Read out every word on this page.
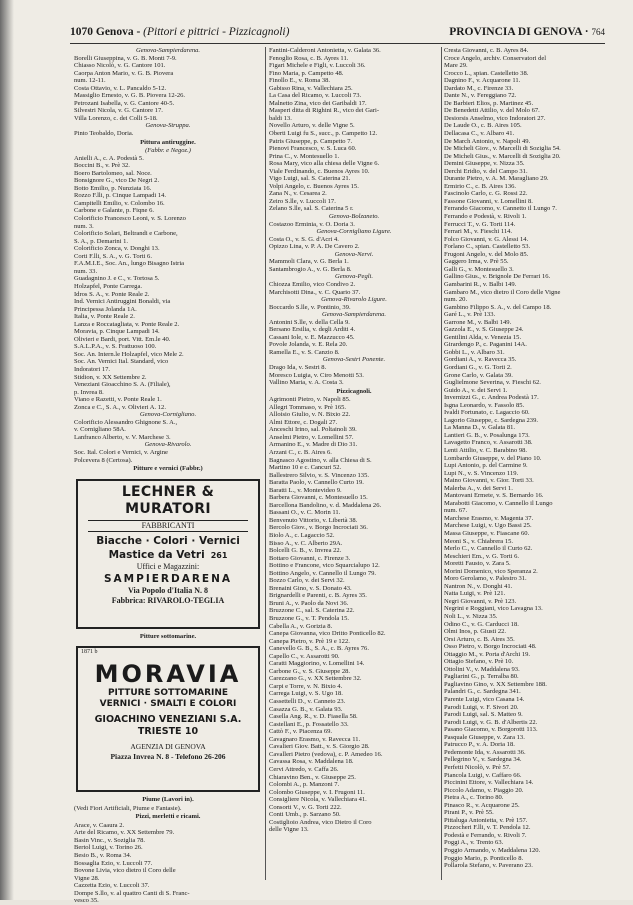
1070 Genova - (Pittori e pittrici - Pizzicagnoli)	PROVINCIA DI GENOVA · 764
Genova-Sampierdarena.
Borelli Giuseppina, v. G. B. Monti 7-9.
Chiasso Nicolò, v. G. Cantore 101.
Caorpa Anton Mario, v. G. B. Piovera
num. 12-11.
Costa Ottavio, v. L. Pancaldo 5-12.
Massiglio Ernesto, v. G. B. Piovera 12-26.
Petrozani Isabella, v. G. Cantore 40-5.
Silvestri Nicola, v. G. Cantore 17.
Villa Lorenzo, c. dei Colli 5-18.
Genova-Struppa.
Pinto Teobaldo, Doria.
Pittura antiruggine.
(Fabbr. e Negoz.)
Anielli A., c. A. Podestà 5.
Boccini B., v. Prè 32.
Boero Bartolomeo, sal. Noce.
Bonsignore G., vico De Negri 2.
Botto Emilio, p. Nunziata 16.
Rozzo F.lli, p. Cinque Lampadi 14.
Campitelli Emilio, v. Colombo 16.
Carbone e Galante, p. Fiqne 6.
Colorificio Francesco Leoni, v. S. Lorenzo
num. 3.
Colorificio Solari, Beltrandi e Carbone,
S. A., p. Demarini 1.
Colorificio Zonca, v. Donghi 13.
Corti F.lli, S. A., v. G. Torti 6.
F.A.M.I.E., Soc. An., lungo Bisagno Istria
num. 33.
Guadagnino J. e C., v. Tortosa 5.
Holzapfel, Ponte Carrega.
Idros S. A., v. Ponte Reale 2.
Ind. Vernici Antiruggini Bonaldi, via
Principessa Jolanda 1A.
Italia, v. Ponte Reale 2.
Lanza e Roccatagliata, v. Ponte Reale 2.
Moravia, p. Cinque Lampadi 14.
Olivieri e Bardi, port. Vitt. Em.le 40.
S.A.L.P.A., v. S. Frattuoso 100.
Soc. An. Intern.le Holzapfel, vico Mele 2.
Soc. An. Vernici Ital. Standard, vico
Indoratori 17.
Stidion, v. XX Settembre 2.
Veneziani Gioacchino S. A. (Filiale),
p. Invrea 8.
Viano e Razetti, v. Ponte Reale 1.
Zonca e C., S. A., v. Olivieri A. 12.
Genova-Cornigliano.
Colorificio Alessandro Ghignone S. A.,
v. Cornigliano 58A.
Lanfranco Alberto, v. V. Marchese 3.
Genova-Rivarolo.
Soc. Ital. Colori e Vernici, v. Argine
Polcevera 8 (Certosa).
Pitture e vernici (Fabbr.)
LECHNER & MURATORI
FABBRICANTI
Biacche · Colori · Vernici
Mastice da Vetri 261
Uffici e Magazzini:
SAMPIERDARENA
Via Popolo d'Italia N. 8
Fabbrica: RIVAROLO-TEGLIA
Pitture sottomarine.
1871 b
MORAVIA
PITTURE SOTTOMARINE
VERNICI · SMALTI E COLORI
GIOACHINO VENEZIANI S.A.
TRIESTE 10
AGENZIA DI GENOVA
Piazza Invrea N. 8 - Telefono 26-206
Piume (Lavori in).
(Vedi Fiori Artificiali, Piume e Fantasie).
Pizzi, merletti e ricami.
Arace, v. Caaura 2.
Arte del Ricamo, v. XX Settembre 79.
Basin Vinc., v. Soziglia 78.
Bertol Luigi, v. Torino 26.
Besio B., v. Roma 34.
Bossaglia Ezio, v. Luccoli 77.
Bovone Livia, vico dietro il Coro delle
Vigne 28.
Cazzetta Ezio, v. Luccoli 37.
Dompe S.llo, v. al quattro Canti di S. Franc-
vesco 35.
Fantini-Calderoni Antonietta, v. Galata 36.
Fenoglio Rosa, c. B. Ayres 11.
Figari Michele e Figli, v. Luccoli 36.
Fino Maria, p. Campetto 48.
Finollo E., v. Roma 38.
Gabisso Rina, v. Vallechiara 25.
La Casa del Ricamo, v. Luccoli 73.
Malnetto Zina, vico dei Garibaldi 17.
Masperi ditta di Righini R., vico dei Gari-
baldi 13.
Novello Arturo, v. delle Vigne 5.
Oberti Luigi fu S., succ., p. Campetto 12.
Patris Giuseppe, p. Campetto 7.
Pienovi Francesco, v. S. Luca 60.
Prina C., v. Montesuello 1.
Rosa Mary, vico alla chiesa delle Vigne 6.
Viale Ferdinando, c. Buenos Ayres 10.
Vigo Luigi, sal. S. Caterina 21.
Volpi Angelo, c. Buenos Ayres 15.
Zana N., v. Cesarea 2.
Zeiro S.lle, v. Luccoli 17.
Zelano S.lle, sal. S. Caterina 5 r.
Genova-Bolzaneto.
Costazoo Erminia, v. O. Doria 3.
Genova-Cornigliano Ligure.
Costa O., v. S. G. d'Acri 4.
Opizzo Lina, v. P. A. De Cavero 2.
Genova-Nervi.
Mammoli Clara, v. G. Berla 1.
Santambrogio A., v. G. Berla 8.
Genova-Pegli.
Chiozza Emilio, vico Condivo 2.
Marchisotti Dina., v. C. Quario 37.
Genova-Rivarolo Ligure.
Boccardo S.lle, v. Pontinio, 39.
Genova-Sampierdarena.
Antonini S.lle, v. della Cella 9.
Bersano Ersilia, v. degli Arditi 4.
Cassani Iole, v. E. Mazzucco 45.
Povole Jolanda, v. E. Rela 20.
Ramella E., v. S. Canzio 8.
Genova-Sestri Ponente.
Drago Ida, v. Sestri 8.
Moresco Luigia, v. Ciro Menotti 53.
Vallino Maria, v. A. Costa 3.
Pizzicagnoli.
Agrimonti Pietro, v. Napoli 85.
Allegri Tommaso, v. Prè 165.
Alloisio Giulio, v. N. Bixio 22.
Almi Ettore, c. Dogali 27.
Anceschi Irino, sal. Poltainoli 39.
Anselmi Pietro, v. Lomellini 57.
Armanino E., v. Madre di Dio 31.
Arzani C., c. B. Aires 6.
Bagnasco Agostino, v. alla Chiesa di S.
Martino 10 e c. Cancuri 52.
Ballestrero Silvio, v. S. Vincenzo 135.
Baratta Paolo, v. Cannello Curto 19.
Baratti L., v. Montevideo 9.
Barbera Giovanni, c. Montesuello 15.
Barcellona Bandolino, v. d. Maddalena 26.
Bassani O., v. C. Morin 11.
Benvenuto Vittorio, v. Libertà 38.
Bercolo Giov., v. Borgo Incrociati 36.
Biolo A., c. Lagaccio 52.
Bisso A., v. C. Alberto 29A.
Bolcelli G. B., v. Invrea 22.
Bottaro Giovanni, c. Firenze 3.
Bottino e Francone, vico Squarcialupo 12.
Bottino Angelo, v. Cannello il Lungo 79.
Bozzo Carlo, v. dei Servi 32.
Brenaini Gino, v. S. Donato 43.
Brignardelli e Parenti, c. B. Ayres 35.
Bruni A., v. Paolo da Novi 36.
Bruzzone C., sal. S. Caterina 22.
Bruzzone G., v. T. Pendola 15.
Cabella A., v. Gorizia 8.
Canepa Giovanna, vico Dritto Ponticello 82.
Canepa Pietro, v. Prè 19 e 122.
Canevello G. B., S. A., c. B. Ayres 76.
Capello C., v. Assarotti 90.
Caratti Maggiorino, v. Lomellini 14.
Carbone G., v. S. Giuseppe 28.
Carezzano G., v. XX Settembre 32.
Carpi e Torre, v. N. Bixio 4.
Carrega Luigi, v. S. Ugo 18.
Cassettelli D., v. Canneto 23.
Casazza G. B., v. Galata 93.
Casella Ang. R., v. D. Fiasella 58.
Castellani E., p. Fossatello 33.
Cattò F., v. Piacenza 69.
Cavagnaro Erasmo, v. Ravecca 11.
Cavalieri Giov. Batt., v. S. Giorgio 28.
Cavalleri Pietro (vedova), c. P. Amedeo 16.
Cavassa Rosa, v. Maddalena 18.
Cervi Attredo, v. Caffa 26.
Chiaravino Ben., v. Giuseppe 25.
Colombi A., p. Manzoni 7.
Colombo Giuseppe, v. I. Frugoni 11.
Consigliere Nicola, v. Vallechiara 41.
Consorti V., v. G. Torti 222.
Conti Umb., p. Sarzano 50.
Costiglioio Andrea, vico Dietro il Coro
delle Vigne 13.
Cresta Giovanni, c. B. Ayres 84.
Croce Angelo, archiv. Conservatori del
Mare 29.
Crocco L., spian. Castelletto 38.
Dagnino F., v. Acquarone 11.
Dardato M., c. Firenze 33.
Dante N., v. Fereggiano 72.
De Barbieri Elios, p. Martinez 45.
De Benedetti Attilio, v. del Molo 67.
Desiorsis Anselmo, vico Indoratori 27.
De Laude O., c. B. Aires 105.
Dellacasa C., v. Albaro 41.
De March Antonio, v. Napoli 49.
De Micheli Giov., v. Marcelli di Soziglia 54.
De Micheli Gius., v. Marcelli di Soziglia 20.
Demini Giuseppe, v. Nizza 35.
Derchi Eridio, v. del Campo 31.
Durante Pietro, v. A. M. Maragliano 29.
Ermirio C., c. B. Aires 136.
Fascinolo Carlo, c. G. Rossi 22.
Fassone Giovanni, v. Lomellini 8.
Ferrando Giacomo, v. Cannetto il Lungo 7.
Ferrando e Podestà, v. Rivoli 1.
Ferrucci T., v. G. Torti 114.
Ferrari M., v. Fieschi 114.
Folco Giovanni, v. G. Alessi 14.
Forlano C., spian. Castelletto 53.
Frugoni Angelo, v. del Molo 85.
Gaggero Irma, v. Prè 55.
Galli G., v. Montesuello 3.
Gallino Gius., v. Brignole De Ferrari 16.
Gambarini R., v. Balbi 149.
Gambaro M., vico dietro il Coro delle Vigne
num. 20.
Gambino Filippo S. A., v. del Campo 18.
Garé L., v. Prè 133.
Garrone M., v. Balbi 149.
Gazzola E., v. S. Giuseppe 24.
Gentilini Alda, v. Venezia 15.
Girardengo P., c. Paganini 14A.
Gobbi L., v. Albaro 31.
Gordiani A., v. Ravecca 35.
Gordiani G., v. G. Torti 2.
Grone Carlo, v. Galata 39.
Guglielmone Severina, v. Fieschi 62.
Guido A., v. dei Servi 1.
Invernizzi G., c. Andrea Podestà 17.
Isgna Leonardo, v. Fassolo 85.
Ivaldi Fortunato, c. Lagaccio 60.
Lagorio Giuseppe, c. Sardegna 239.
La Manna D., v. Galata 81.
Lantieri G. B., v. Posalunga 173.
Lavagetto Franco, v. Assarotti 38.
Lenti Attilio, v. C. Barabino 98.
Lombardo Giuseppe, v. del Piano 10.
Lupi Antonio, p. del Carmine 9.
Lupi N., v. S. Vincenzo 119.
Maino Giovanni, v. Gior. Torti 33.
Malerba A., v. dei Servi 1.
Mantovani Ermete, v. S. Bernardo 16.
Marabotti Giacomo, v. Cannello il Lungo
num. 67.
Marchese Erasmo, v. Magenta 37.
Marchese Luigi, v. Ugo Bassi 25.
Massa Giuseppe, v. Fiascane 60.
Meoni S., v. Chiabrera 15.
Merlo C., v. Cannello il Curto 62.
Meschieri Em., v. G. Torti 6.
Moretti Fausto, v. Zara 5.
Morini Domenico, vico Speranza 2.
Moro Gerolamo, v. Palestro 31.
Nantron N., v. Donghi 41.
Natta Luigi, v. Prè 121.
Negri Giovanni, v. Prè 123.
Negrini e Roggiani, vico Lavagna 13.
Noli L., v. Nizza 35.
Odino C., v. G. Carducci 18.
Olmi Inos, p. Giusti 22.
Orsi Arturo, c. B. Aires 35.
Osso Pietro, v. Borgo Incrociati 48.
Ottaggio M., v. Porta d'Archi 19.
Ottagio Stefano, v. Prè 10.
Ottolini V., v. Maddalena 93.
Pagliarini G., p. Terralba 80.
Pagliavino Gino, v. XX Settembre 188.
Palandri G., c. Sardegna 341.
Parente Luigi, vico Casana 14.
Parodi Luigi, v. F. Sivori 20.
Parodi Luigi, sal. S. Matteo 9.
Parodi Luigi, v. G. B. d'Albertis 22.
Pasano Giacomo, v. Borgorotti 113.
Pasquale Giuseppe, v. Zara 13.
Patrucco P., v. A. Doria 18.
Pedemonte Ida, v. Assarotti 36.
Pellegrino V., v. Sardegna 34.
Perfetti Nicolò, v. Prè 57.
Piancola Luigi, v. Caffaro 66.
Piccinini Ettore, v. Vallechiara 14.
Piccolo Adamo, v. Piaggio 20.
Pietra A., c. Torino 80.
Pinasco R., v. Acquarone 25.
Pirani P., v. Prè 55.
Pittaluga Antonietta, v. Prè 157.
Pizzocheri F.lli, v. T. Pendola 12.
Podestà e Ferrando, v. Rivoli 7.
Poggi A., v. Trento 63.
Poggio Armando, v. Maddalena 120.
Poggio Mario, p. Ponticello 8.
Pollarola Stefano, v. Paverano 23.
